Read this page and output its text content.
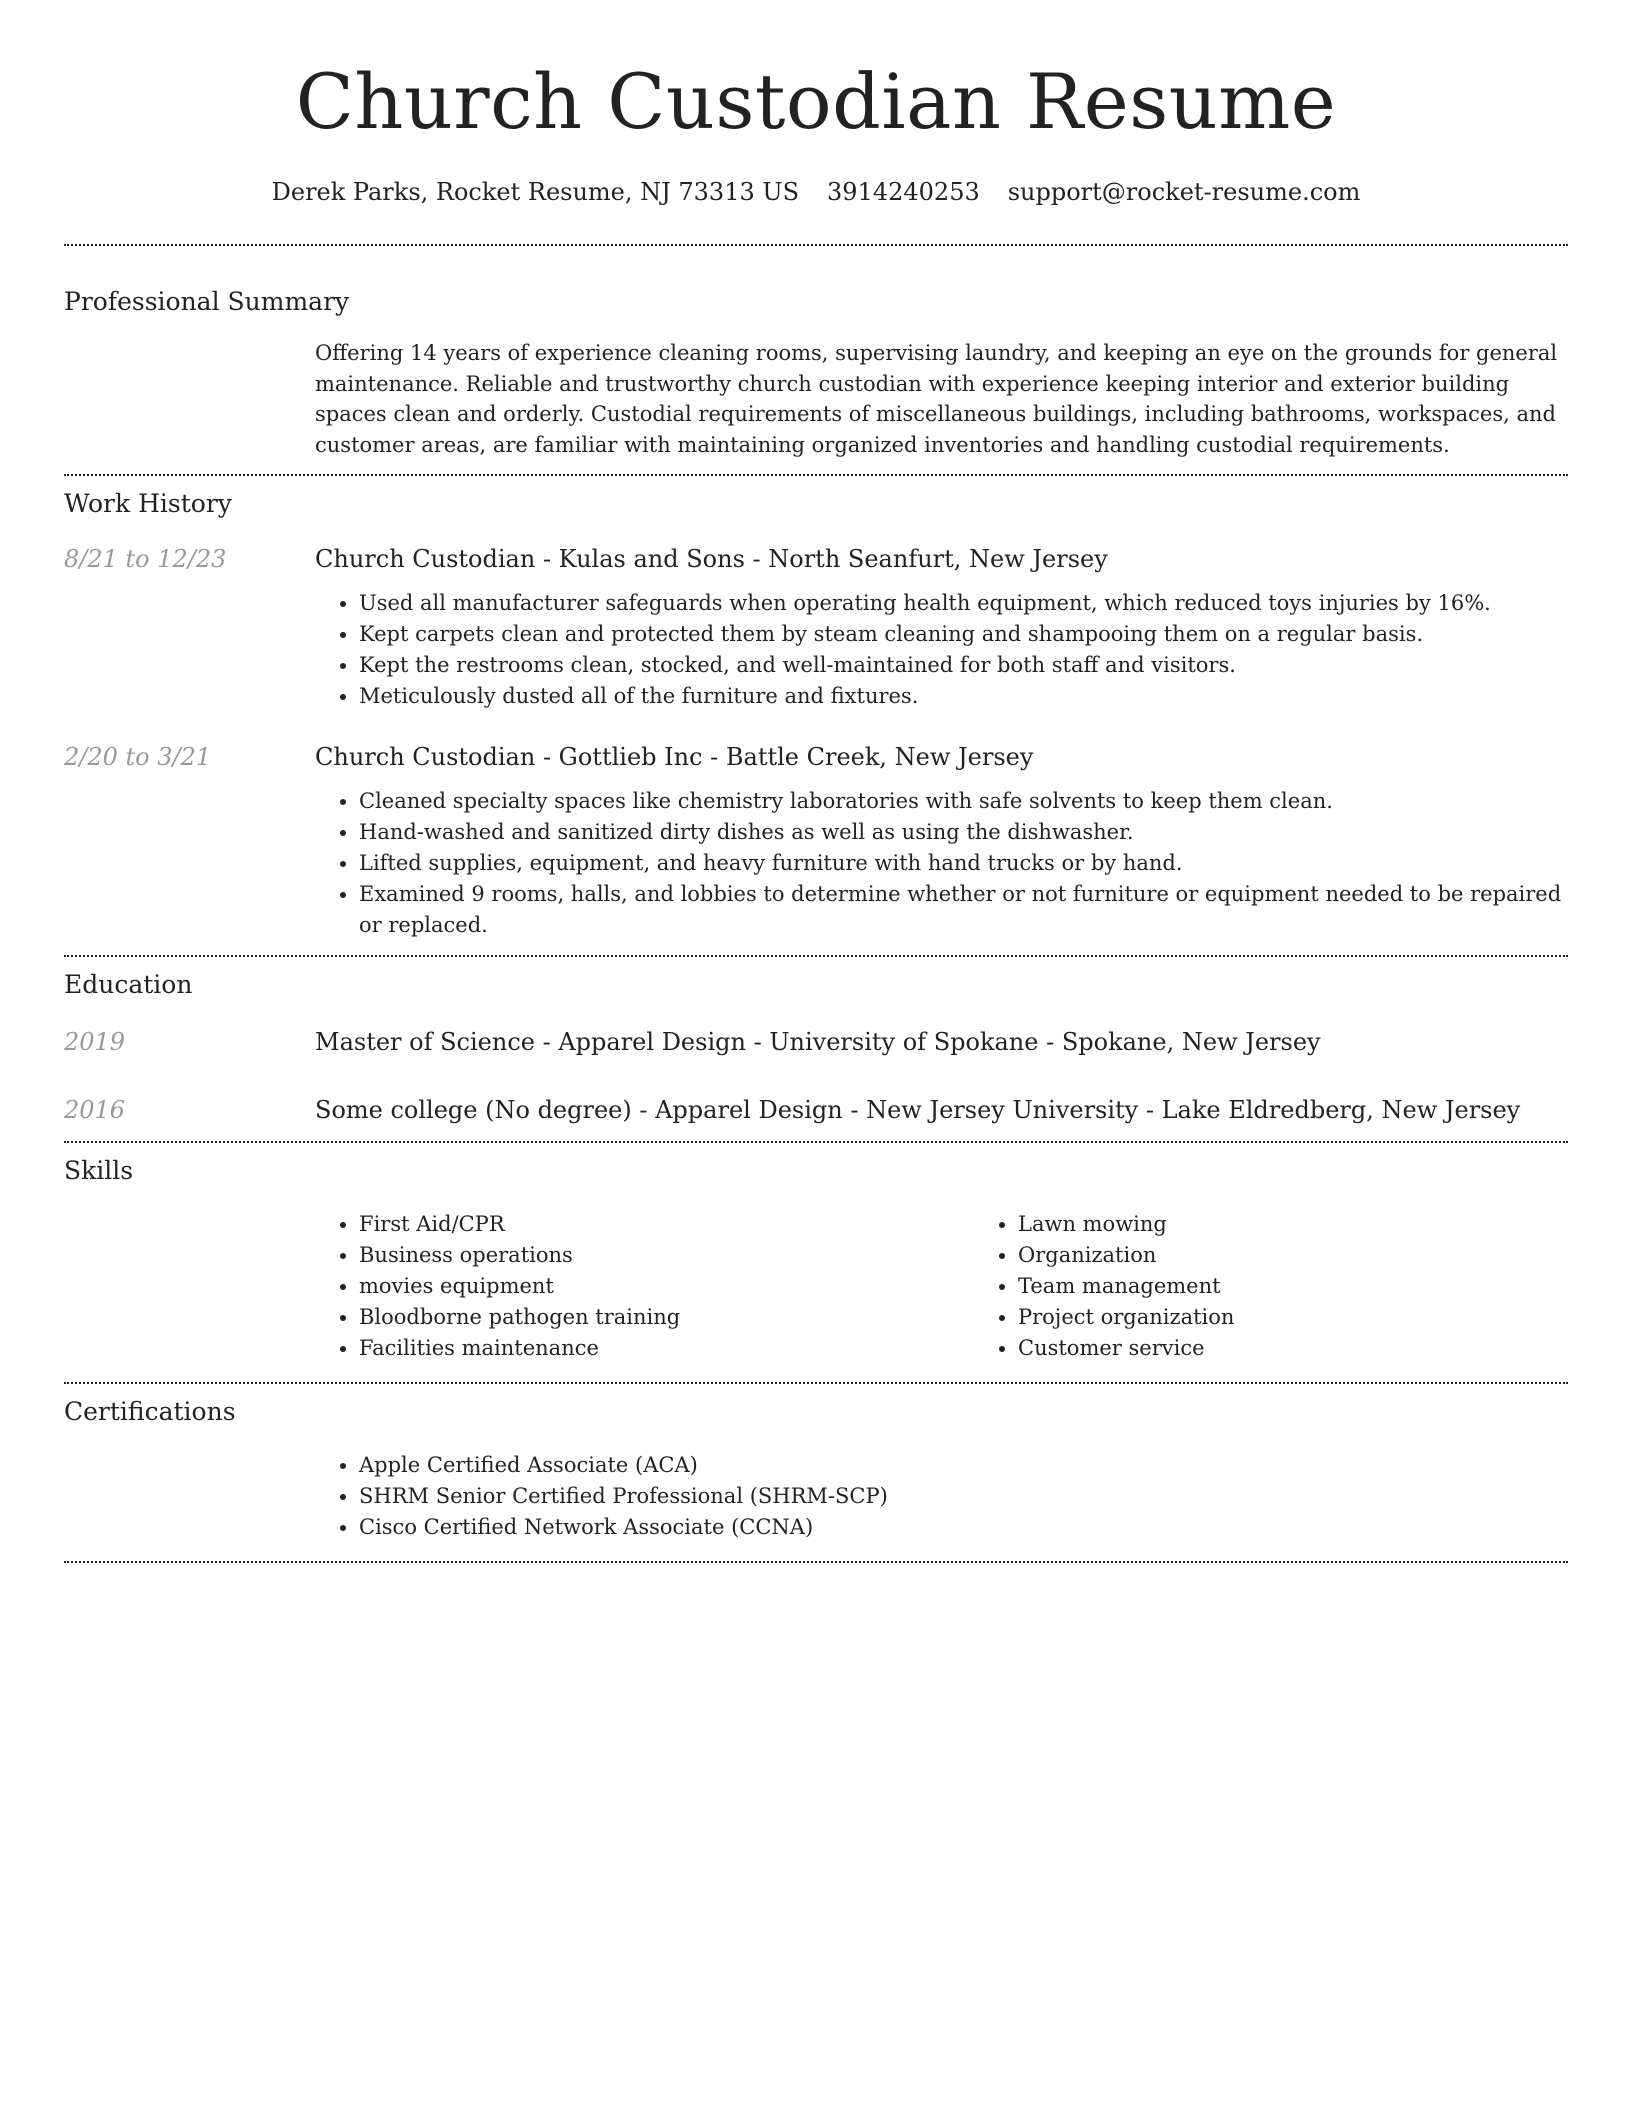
Church Custodian Resume
Derek Parks, Rocket Resume, NJ 73313 US 3914240253 support@rocket-resume.com
Professional Summary

Offering 14 years of experience cleaning rooms, supervising laundry, and keeping an eye on the grounds for general maintenance. Reliable and trustworthy church custodian with experience keeping interior and exterior building spaces clean and orderly. Custodial requirements of miscellaneous buildings, including bathrooms, workspaces, and customer areas, are familiar with maintaining organized inventories and handling custodial requirements.

Work History
8/21 to 12/23	Church Custodian - Kulas and Sons - North Seanfurt, New Jersey
• Used all manufacturer safeguards when operating health equipment, which reduced toys injuries by 16%.
• Kept carpets clean and protected them by steam cleaning and shampooing them on a regular basis.
• Kept the restrooms clean, stocked, and well-maintained for both staff and visitors.
• Meticulously dusted all of the furniture and fixtures.
2/20 to 3/21	Church Custodian - Gottlieb Inc - Battle Creek, New Jersey
• Cleaned specialty spaces like chemistry laboratories with safe solvents to keep them clean.
• Hand-washed and sanitized dirty dishes as well as using the dishwasher.
• Lifted supplies, equipment, and heavy furniture with hand trucks or by hand.
• Examined 9 rooms, halls, and lobbies to determine whether or not furniture or equipment needed to be repaired or replaced.
Education
2019	Master of Science - Apparel Design - University of Spokane - Spokane, New Jersey
2016	Some college (No degree) - Apparel Design - New Jersey University - Lake Eldredberg, New Jersey
Skills
• First Aid/CPR
• Business operations
• movies equipment
• Bloodborne pathogen training
• Facilities maintenance
• Lawn mowing
• Organization
• Team management
• Project organization
• Customer service
Certifications
• Apple Certified Associate (ACA)
• SHRM Senior Certified Professional (SHRM-SCP)
• Cisco Certified Network Associate (CCNA)
